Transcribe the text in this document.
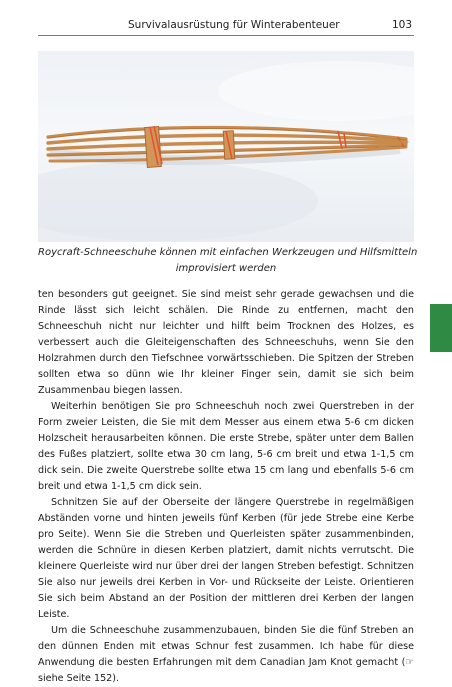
Survivalausrüstung für Winterabenteuer	103
Roycraft-Schneeschuhe können mit einfachen Werkzeugen und Hilfsmitteln
improvisiert werden

ten besonders gut geeignet. Sie sind meist sehr gerade gewachsen und die Rinde lässt sich leicht schälen. Die Rinde zu entfernen, macht den Schneeschuh nicht nur leichter und hilft beim Trocknen des Holzes, es verbessert auch die Gleiteigenschaften des Schneeschuhs, wenn Sie den Holzrahmen durch den Tiefschnee vorwärtsschieben. Die Spitzen der Streben sollten etwa so dünn wie Ihr kleiner Finger sein, damit sie sich beim Zusammenbau biegen lassen.

Weiterhin benötigen Sie pro Schneeschuh noch zwei Querstreben in der Form zweier Leisten, die Sie mit dem Messer aus einem etwa 5-6 cm dicken Holzscheit herausarbeiten können. Die erste Strebe, später unter dem Ballen des Fußes platziert, sollte etwa 30 cm lang, 5-6 cm breit und etwa 1-1,5 cm dick sein. Die zweite Querstrebe sollte etwa 15 cm lang und ebenfalls 5-6 cm breit und etwa 1-1,5 cm dick sein.

Schnitzen Sie auf der Oberseite der längere Querstrebe in regelmäßigen Abständen vorne und hinten jeweils fünf Kerben (für jede Strebe eine Kerbe pro Seite). Wenn Sie die Streben und Querleisten später zusammenbinden, werden die Schnüre in diesen Kerben platziert, damit nichts verrutscht. Die kleinere Querleiste wird nur über drei der langen Streben befestigt. Schnitzen Sie also nur jeweils drei Kerben in Vor- und Rückseite der Leiste. Orientieren Sie sich beim Abstand an der Position der mittleren drei Kerben der langen Leiste.

Um die Schneeschuhe zusammenzubauen, binden Sie die fünf Streben an den dünnen Enden mit etwas Schnur fest zusammen. Ich habe für diese Anwendung die besten Erfahrungen mit dem Canadian Jam Knot gemacht (☞ siehe Seite 152).
